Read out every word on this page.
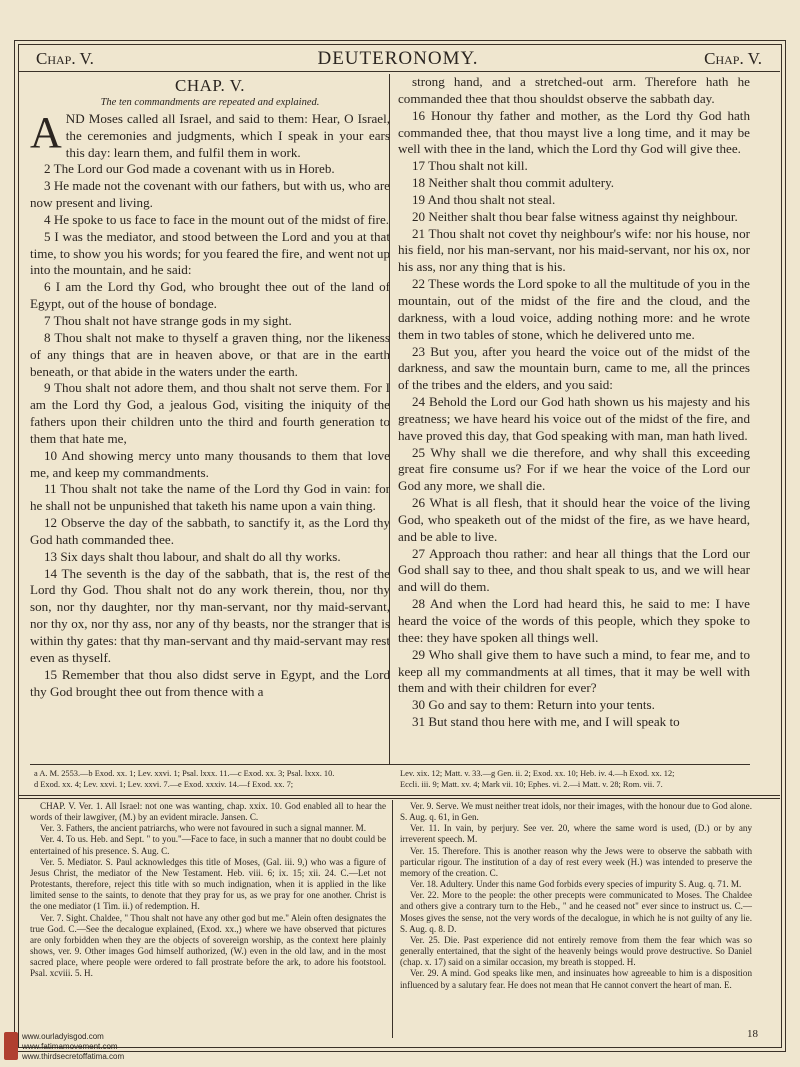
Chap. V.	DEUTERONOMY.	Chap. V.
CHAP. V.
The ten commandments are repeated and explained.

AND Moses called all Israel, and said to them: Hear, O Israel, the ceremonies and judgments, which I speak in your ears this day: learn them, and fulfil them in work.

2 The Lord our God made a covenant with us in Horeb.

3 He made not the covenant with our fathers, but with us, who are now present and living.

4 He spoke to us face to face in the mount out of the midst of fire.

5 I was the mediator, and stood between the Lord and you at that time, to show you his words; for you feared the fire, and went not up into the mountain, and he said:

6 I am the Lord thy God, who brought thee out of the land of Egypt, out of the house of bondage.

7 Thou shalt not have strange gods in my sight.

8 Thou shalt not make to thyself a graven thing, nor the likeness of any things that are in heaven above, or that are in the earth beneath, or that abide in the waters under the earth.

9 Thou shalt not adore them, and thou shalt not serve them. For I am the Lord thy God, a jealous God, visiting the iniquity of the fathers upon their children unto the third and fourth generation to them that hate me,

10 And showing mercy unto many thousands to them that love me, and keep my commandments.

11 Thou shalt not take the name of the Lord thy God in vain: for he shall not be unpunished that taketh his name upon a vain thing.

12 Observe the day of the sabbath, to sanctify it, as the Lord thy God hath commanded thee.

13 Six days shalt thou labour, and shalt do all thy works.

14 The seventh is the day of the sabbath, that is, the rest of the Lord thy God. Thou shalt not do any work therein, thou, nor thy son, nor thy daughter, nor thy man-servant, nor thy maid-servant, nor thy ox, nor thy ass, nor any of thy beasts, nor the stranger that is within thy gates: that thy man-servant and thy maid-servant may rest even as thyself.

15 Remember that thou also didst serve in Egypt, and the Lord thy God brought thee out from thence with a

strong hand, and a stretched-out arm. Therefore hath he commanded thee that thou shouldst observe the sabbath day.

16 Honour thy father and mother, as the Lord thy God hath commanded thee, that thou mayst live a long time, and it may be well with thee in the land, which the Lord thy God will give thee.

17 Thou shalt not kill.

18 Neither shalt thou commit adultery.

19 And thou shalt not steal.

20 Neither shalt thou bear false witness against thy neighbour.

21 Thou shalt not covet thy neighbour's wife: nor his house, nor his field, nor his man-servant, nor his maid-servant, nor his ox, nor his ass, nor any thing that is his.

22 These words the Lord spoke to all the multitude of you in the mountain, out of the midst of the fire and the cloud, and the darkness, with a loud voice, adding nothing more: and he wrote them in two tables of stone, which he delivered unto me.

23 But you, after you heard the voice out of the midst of the darkness, and saw the mountain burn, came to me, all the princes of the tribes and the elders, and you said:

24 Behold the Lord our God hath shown us his majesty and his greatness; we have heard his voice out of the midst of the fire, and have proved this day, that God speaking with man, man hath lived.

25 Why shall we die therefore, and why shall this exceeding great fire consume us? For if we hear the voice of the Lord our God any more, we shall die.

26 What is all flesh, that it should hear the voice of the living God, who speaketh out of the midst of the fire, as we have heard, and be able to live.

27 Approach thou rather: and hear all things that the Lord our God shall say to thee, and thou shalt speak to us, and we will hear and will do them.

28 And when the Lord had heard this, he said to me: I have heard the voice of the words of this people, which they spoke to thee: they have spoken all things well.

29 Who shall give them to have such a mind, to fear me, and to keep all my commandments at all times, that it may be well with them and with their children for ever?

30 Go and say to them: Return into your tents.

31 But stand thou here with me, and I will speak to

a A. M. 2553.—b Exod. xx. 1; Lev. xxvi. 1; Psal. lxxx. 11.—c Exod. xx. 3; Psal. lxxx. 10.
d Exod. xx. 4; Lev. xxvi. 1; Lev. xxvi. 7.—e Exod. xxxiv. 14.—f Exod. xx. 7;
Lev. xix. 12; Matt. v. 33.—g Gen. ii. 2; Exod. xx. 10; Heb. iv. 4.—h Exod. xx. 12;
Eccli. iii. 9; Matt. xv. 4; Mark vii. 10; Ephes. vi. 2.—i Matt. v. 28; Rom. vii. 7.

CHAP. V. Ver. 1. All Israel: not one was wanting, chap. xxix. 10. God enabled all to hear the words of their lawgiver, (M.) by an evident miracle. Jansen. C.

Ver. 3. Fathers, the ancient patriarchs, who were not favoured in such a signal manner. M.

Ver. 4. To us. Heb. and Sept. " to you."—Face to face, in such a manner that no doubt could be entertained of his presence. S. Aug. C.

Ver. 5. Mediator. S. Paul acknowledges this title of Moses, (Gal. iii. 9,) who was a figure of Jesus Christ, the mediator of the New Testament. Heb. viii. 6; ix. 15; xii. 24. C.—Let not Protestants, therefore, reject this title with so much indignation, when it is applied in the like limited sense to the saints, to denote that they pray for us, as we pray for one another. Christ is the one mediator (1 Tim. ii.) of redemption. H.

Ver. 7. Sight. Chaldee, " Thou shalt not have any other god but me." Alein often designates the true God. C.—See the decalogue explained, (Exod. xx.,) where we have observed that pictures are only forbidden when they are the objects of sovereign worship, as the context here plainly shows, ver. 9. Other images God himself authorized, (W.) even in the old law, and in the most sacred place, where people were ordered to fall prostrate before the ark, to adore his footstool. Psal. xcviii. 5. H.

Ver. 9. Serve. We must neither treat idols, nor their images, with the honour due to God alone. S. Aug. q. 61, in Gen.

Ver. 11. In vain, by perjury. See ver. 20, where the same word is used, (D.) or by any irreverent speech. M.

Ver. 15. Therefore. This is another reason why the Jews were to observe the sabbath with particular rigour. The institution of a day of rest every week (H.) was intended to preserve the memory of the creation. C.

Ver. 18. Adultery. Under this name God forbids every species of impurity S. Aug. q. 71. M.

Ver. 22. More to the people: the other precepts were communicated to Moses. The Chaldee and others give a contrary turn to the Heb., " and he ceased not" ever since to instruct us. C.—Moses gives the sense, not the very words of the decalogue, in which he is not guilty of any lie. S. Aug. q. 8. D.

Ver. 25. Die. Past experience did not entirely remove from them the fear which was so generally entertained, that the sight of the heavenly beings would prove destructive. So Daniel (chap. x. 17) said on a similar occasion, my breath is stopped. H.

Ver. 29. A mind. God speaks like men, and insinuates how agreeable to him is a disposition influenced by a salutary fear. He does not mean that He cannot convert the heart of man. E.

18
www.ourladyisgod.com
www.fatimamovement.com
www.thirdsecretoffatima.com
